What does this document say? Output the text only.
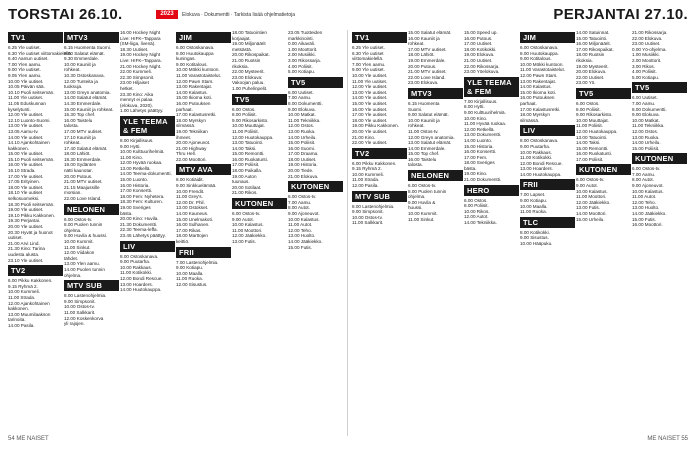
TORSTAI 26.10.	2023	Elokuva · Dokumentti · Tarkista lisää ohjelmatietoja	PERJANTAI 27.10.
TV1
6.25 Yle uutiset.
6.30 Yle uutiset viittomakielellä.
6.40 Aamun uutiset.
7.00 Ylen aamu.
9.00 Yle uutiset.
9.05 Ylen aamu.
10.00 Yle uutiset.
10.05 Päivän sää.
10.10 Puoli seitsemän.
11.00 Yle uutiset.
11.05 Eduskunnan
kyselytunti.
12.00 Yle uutiset.
12.10 Luonto-Suomi.
13.00 Yle uutiset.
13.05 Aamu-tv.
14.00 Yle uutiset.
14.10 Ajankohtainen
kakkonen.
15.00 Yle uutiset.
15.10 Puoli seitsemän.
16.00 Yle uutiset.
16.10 Strada.
17.00 Yle uutiset.
17.05 Erityinen.
18.00 Yle uutiset.
18.10 Yle uutiset
selkosuomeksi.
18.30 Puoli seitsemän.
19.00 Yle uutiset.
19.10 Pikku Kakkonen.
19.30 Perjantai.
20.00 Yle uutiset.
20.30 Hyvät ja huonot
uutiset.
21.00 Arvi Lind.
21.30 Kino: Tarina
uudesta alusta.
23.10 Yle uutiset.
TV2
6.00 Pikku Kakkonen.
9.15 Ryhmä 2.
10.00 Kummeli.
11.00 Strada.
12.00 Ajankohtainen
kakkonen.
13.00 Muumilaakson
tarinoita.
14.00 Pasila.
MTV3
6.15 Huomenta Suomi.
9.00 Salatut elämät.
9.30 Emmerdale.
10.00 Kauniit ja
rohkeat.
10.30 Ostoskanava.
12.00 Tunteita ja
tuoksuja.
13.00 Greyn anatomia.
14.00 Salatut elämät.
14.30 Emmerdale.
15.00 Kauniit ja rohkeat.
15.30 Top chef.
16.00 Taistelu
talosta.
17.00 MTV uutiset.
17.10 Kauniit ja
rohkeat.
17.40 Salatut elämät.
18.00 Lähiöt.
18.30 Emmerdale.
19.00 Sydänten
nätti kaunotar.
20.00 Putous.
21.00 MTV uutiset.
21.15 Maajussille
morsian.
22.00 Love Island.
NELONEN
6.00 Ostos-tv.
8.00 Puolen tunnin
ohjelma.
9.00 Huvila & huussi.
10.00 Kummit.
11.00 Sinkut.
12.00 Viidakon
tähdet.
13.00 Ylen aamu.
14.00 Puolen tunnin
ohjelma.
MTV SUB
8.00 Lastenohjelmia.
9.00 Simpsonit.
10.00 Ostos-tv.
11.00 Salkkarit.
12.00 Koskenkorva
yli rajojen.
16.00 Hockey Night
Live: HIFK–Tappara
(SM-liiga, livenä).
18.30 Uutiset.
19.00 Hockey Night
Live: HIFK–Tappara.
21.00 Hockey Night.
22.00 Kummeli.
22.30 Simpsonit.
23.00 Hiljaiset
hetket.
23.30 Kino: Aika
mennyt ei palaa
(elokuva, 2020).
1.00 Lähetys päättyy.
YLE TEEMA & FEM
8.00 Kirjallisuus.
9.00 Hytti.
10.00 Kulttuurihelmiä.
11.00 Kino.
12.00 Hyvää ruokaa.
13.00 Retkellä.
14.00 Teema-dokumentti.
15.00 Luonto.
16.00 Historia.
17.00 Konsertti.
18.00 Fem: Nyhetera.
18.30 Fem: Kulturen.
19.00 Sveriges
bästa.
20.00 Kino: Huvila.
21.30 Dokumentti.
22.30 Teema-leffa.
23.45 Lähetys päättyy.
LIV
8.00 Ostoskanava.
9.00 Puutarha.
10.00 Rakkaus.
11.00 Kotikokki.
12.00 Bondi Rescue.
13.00 Hoarders.
14.00 Huutokauppa.
JIM
6.00 Ostoskanava.
8.00 Huutokauppa
kuningas.
9.00 Kotitalous.
10.00 Mökki kuntoon.
11.00 Varastotaistelut.
12.00 Pawn Stars.
13.00 Rakentajat.
14.00 Kalastus.
15.00 Ikioma koti.
16.00 Putouksen
parhaat.
17.00 Kalastusretki.
18.00 Myrskyn
silmässä.
19.00 Tekniikan
ihmeet.
20.00 Ajoneuvot.
21.00 Highway
Thru Hell.
22.00 Moottori.
MTV AVA
8.00 Kotiäidit.
9.00 Sinkkuelämää.
10.00 Frendit.
11.00 Grey's.
12.00 Dr. Phil.
13.00 Ostokset.
14.00 Kauneus.
15.00 Unelmakoti.
16.00 Sulhanen.
17.00 Rikas.
18.00 Marttojen
keittiö.
FRII
7.00 Lastenohjelmia.
9.00 Kotiapu.
10.00 Maalla.
11.00 Ruoka.
12.00 Sisustus.
18.00 Tatuointien
korjaajat.
19.00 Miljonäärit
metsästä.
20.00 Rikospaikat.
21.00 Ruotsin
rikoksia.
22.00 Mysteerit.
23.00 Elokuva:
Vakoojan paluu.
1.00 Puhelinpelit.
TV5
6.00 Ostos.
8.00 Poliisit.
9.00 Rikosarkisto.
10.00 Muuttajat.
11.00 Poliisit.
12.00 Huutokauppa.
13.00 Tatuointi.
14.00 Taksi.
15.00 Remontti.
16.00 Ruokatunti.
17.00 Poliisit.
18.00 Paikalla.
19.00 Auton
tuunaus.
20.00 Sotilaat.
21.00 Rikos.
KUTONEN
6.00 Ostos-tv.
9.00 Autot.
10.00 Kalastus.
11.00 Moottori.
12.00 Jääkiekko.
13.00 Futis.
23.05 Tuotteiden
markkinointi.
0.00 Aikaväli.
1.00 Moottorit.
2.00 Musiikki.
3.00 Rikossarja.
4.00 Poliisit.
5.00 Kotiapu.
TV5
6.00 Uutiset.
7.00 Aamu.
8.00 Dokumentti.
9.00 Elokuva.
10.00 Matkat.
11.00 Tekniikka.
12.00 Ostos.
13.00 Ruoka.
14.00 Urheilu.
15.00 Poliisit.
16.00 Suomi.
17.00 Draama.
18.00 Uutiset.
19.00 Historia.
20.00 Tiede.
21.00 Elokuva.
KUTONEN
6.00 Ostos-tv.
7.00 Aamu.
8.00 Autot.
9.00 Ajoneuvot.
10.00 Kalastus.
11.00 Autot.
12.00 Teho.
13.00 Huolto.
14.00 Jääkiekko.
15.00 Futis.
TV1
6.25 Yle uutiset.
6.30 Yle uutiset
viittomakielellä.
7.00 Ylen aamu.
9.00 Yle uutiset.
10.00 Yle uutiset.
11.00 Yle uutiset.
12.00 Yle uutiset.
13.00 Yle uutiset.
14.00 Yle uutiset.
15.00 Yle uutiset.
16.00 Yle uutiset.
17.00 Yle uutiset.
18.00 Yle uutiset.
19.00 Pikku Kakkonen.
20.00 Yle uutiset.
21.00 Kino.
22.00 Yle uutiset.
TV2
6.00 Pikku Kakkonen.
9.15 Ryhmä 2.
10.00 Kummeli.
11.00 Strada.
12.00 Pasila.
MTV SUB
8.00 Lastenohjelmia.
9.00 Simpsonit.
10.00 Ostos-tv.
11.00 Salkkarit.
15.00 Salatut elämät.
16.00 Kauniit ja
rohkeat.
17.00 MTV uutiset.
18.00 Lähiöt.
19.00 Emmerdale.
20.00 Putous.
21.00 MTV uutiset.
22.00 Love Island.
23.00 Elokuva.
MTV3
6.15 Huomenta
Suomi.
9.00 Salatut elämät.
10.00 Kauniit ja
rohkeat.
11.00 Ostos-tv.
12.00 Greyn anatomia.
13.00 Salatut elämät.
14.00 Emmerdale.
15.00 Top chef.
16.00 Taistelu
talosta.
NELONEN
6.00 Ostos-tv.
8.00 Puolen tunnin
ohjelma.
9.00 Huvila &
huussi.
10.00 Kummit.
11.00 Sinkut.
15.00 Speed up.
16.00 Putous.
17.00 Uutiset.
18.00 Kotikokki.
19.00 Elokuva.
21.00 Uutiset.
22.00 Rikossarja.
23.00 Yöelokuva.
YLE TEEMA & FEM
7.00 Kirjallisuus.
8.00 Hytti.
9.00 Kulttuurihelmiä.
10.00 Kino.
11.00 Hyvää ruokaa.
12.00 Retkellä.
13.00 Dokumentti.
14.00 Luonto.
15.00 Historia.
16.00 Konsertti.
17.00 Fem.
18.00 Sveriges
bästa.
19.00 Kino.
21.00 Dokumentti.
HERO
6.00 Ostos.
8.00 Poliisit.
10.00 Rikos.
12.00 Autot.
14.00 Tekniikka.
JIM
6.00 Ostoskanava.
8.00 Huutokauppa.
9.00 Kotitalous.
10.00 Mökki kuntoon.
11.00 Varastotaistelut.
12.00 Pawn Stars.
13.00 Rakentajat.
14.00 Kalastus.
15.00 Ikioma koti.
16.00 Putouksen
parhaat.
17.00 Kalastusretki.
18.00 Myrskyn
silmässä.
LIV
8.00 Ostoskanava.
9.00 Puutarha.
10.00 Rakkaus.
11.00 Kotikokki.
12.00 Bondi Rescue.
13.00 Hoarders.
14.00 Huutokauppa.
FRII
7.00 Lapset.
9.00 Kotiapu.
10.00 Maalla.
11.00 Ruoka.
TLC
8.00 Kotikokki.
9.00 Sisustus.
10.00 Hääpuku.
14.00 Satuinnat.
15.00 Tatuointi.
16.00 Miljonäärit.
17.00 Rikospaikat.
18.00 Ruotsin
rikoksia.
19.00 Mysteerit.
20.00 Elokuva.
22.00 Uutiset.
23.00 Yö.
TV5
6.00 Ostos.
8.00 Poliisit.
9.00 Rikosarkisto.
10.00 Muuttajat.
11.00 Poliisit.
12.00 Huutokauppa.
13.00 Tatuointi.
14.00 Taksi.
15.00 Remontti.
16.00 Ruokatunti.
17.00 Poliisit.
KUTONEN
6.00 Ostos-tv.
9.00 Autot.
10.00 Kalastus.
11.00 Moottori.
12.00 Jääkiekko.
13.00 Futis.
14.00 Moottori.
15.00 Urheilu.
21.00 Rikossarja.
22.00 Elokuva.
23.00 Uutiset.
0.00 Yö-ohjelma.
1.00 Musiikki.
2.00 Moottorit.
3.00 Rikos.
4.00 Poliisit.
5.00 Kotiapu.
TV5
6.00 Uutiset.
7.00 Aamu.
8.00 Dokumentti.
9.00 Elokuva.
10.00 Matkat.
11.00 Tekniikka.
12.00 Ostos.
13.00 Ruoka.
14.00 Urheilu.
15.00 Poliisit.
KUTONEN
6.00 Ostos-tv.
7.00 Aamu.
8.00 Autot.
9.00 Ajoneuvot.
10.00 Kalastus.
11.00 Autot.
12.00 Teho.
13.00 Huolto.
14.00 Jääkiekko.
15.00 Futis.
16.00 Moottori.
54 ME NAISET	ME NAISET 55
